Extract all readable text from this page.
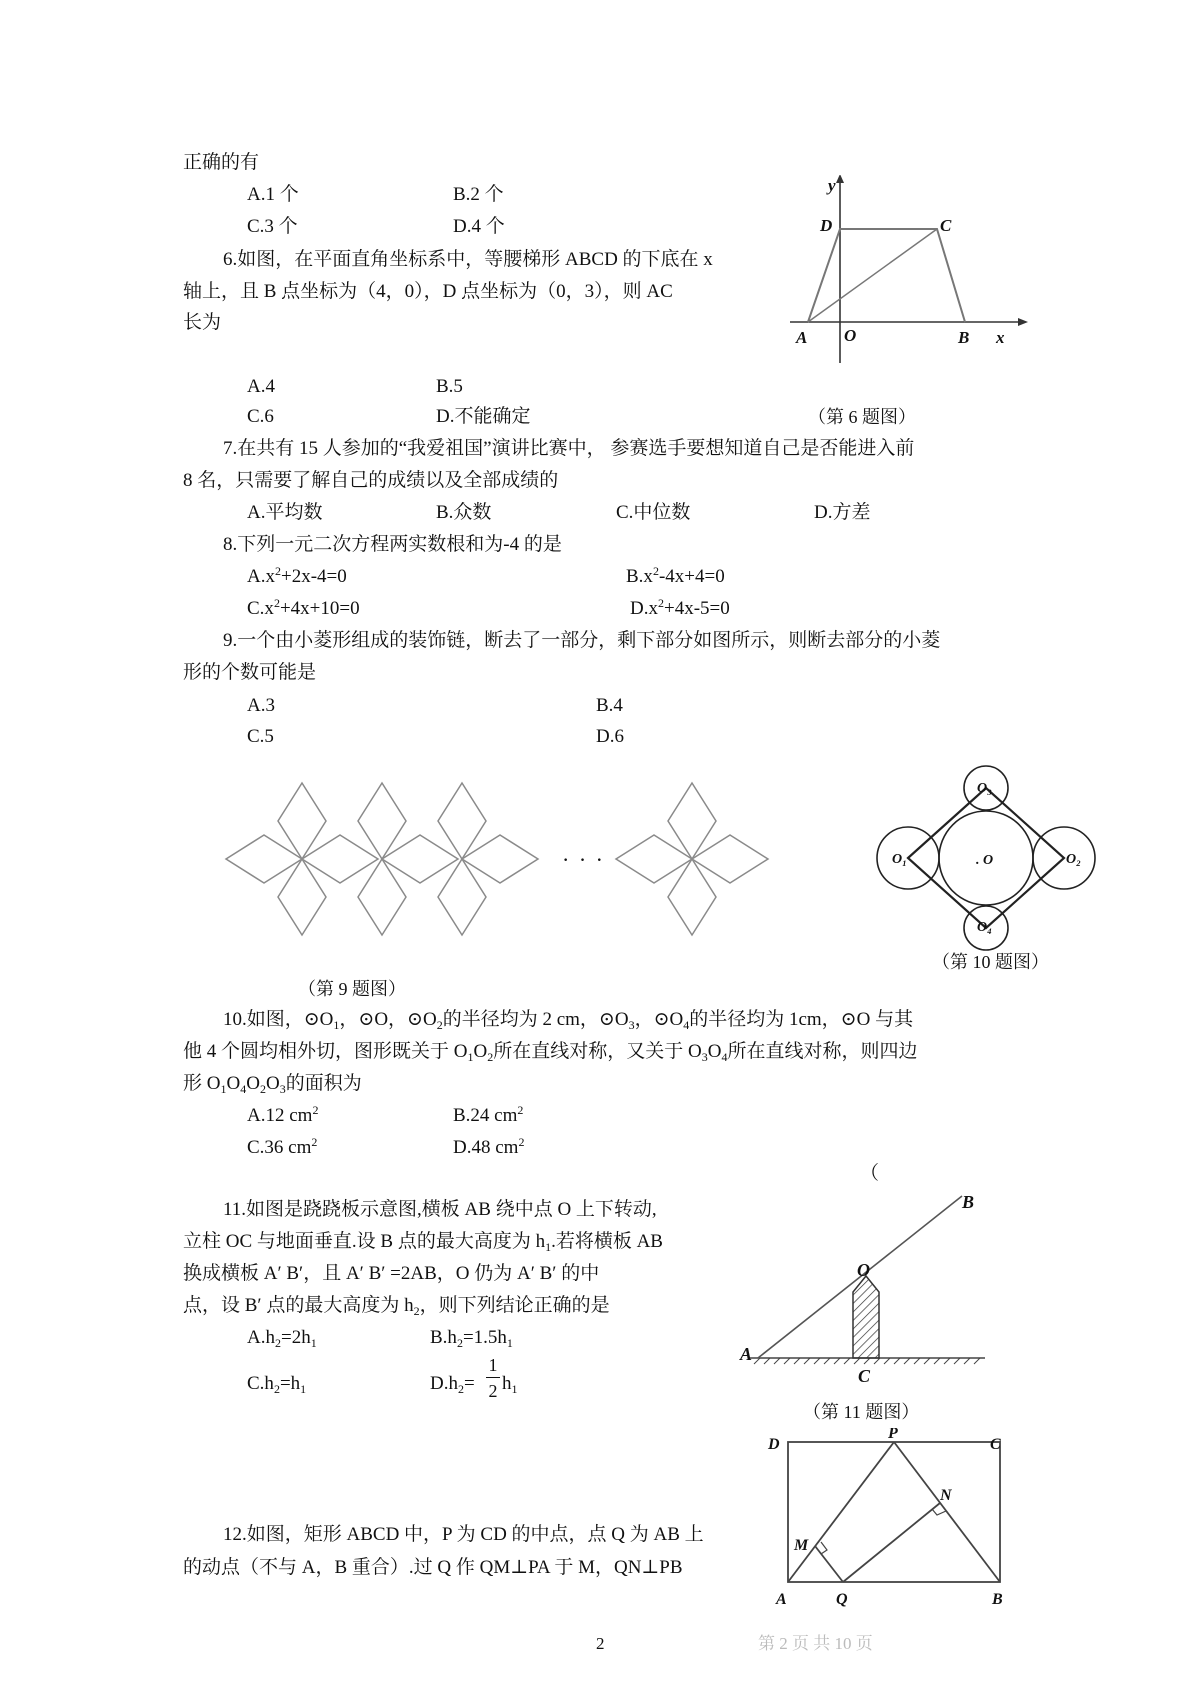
正确的有
A.1 个	B.2 个
C.3 个	D.4 个
6.如图，在平面直角坐标系中，等腰梯形 ABCD 的下底在 x
轴上，且 B 点坐标为（4，0），D 点坐标为（0，3），则 AC
长为
A.4	B.5
C.6	D.不能确定	（第 6 题图）
y
x
A O	B
C
D
7.在共有 15 人参加的“我爱祖国”演讲比赛中， 参赛选手要想知道自己是否能进入前
8 名，只需要了解自己的成绩以及全部成绩的
A.平均数	B.众数	C.中位数	D.方差
8.下列一元二次方程两实数根和为-4 的是
$A.x^2+2x-4=0$	$B.x^2-4x+4=0$
$C.x^2+4x+10=0$	$D.x^2+4x-5=0$
9.一个由小菱形组成的装饰链，断去了一部分，剩下部分如图所示，则断去部分的小菱
形的个数可能是
A.3	B.4
C.5	D.6
· · ·
（第 9 题图）
. O
O₁	O₂
O₃
O₄
（第 10 题图）
10.如图，$⊙O_1$，⊙O，$⊙O_2$的半径均为 2 cm，$⊙O_3$，$⊙O_4$的半径均为 1cm，⊙O 与其
他 4 个圆均相外切，图形既关于 $O_1O_2$所在直线对称，又关于 $O_3O_4$所在直线对称，则四边
形 $O_1O_4O_2O_3$的面积为
A.12 $cm^2$	B.24 $cm^2$
C.36 $cm^2$	D.48 $cm^2$
（
11.如图是跷跷板示意图,横板 AB 绕中点 O 上下转动,
立柱 OC 与地面垂直.设 B 点的最大高度为 $h_1$.若将横板 AB
换成横板 A′ B′，且 A′ B′ =2AB，O 仍为 A′ B′ 的中
点，设 B′ 点的最大高度为 $h_2$，则下列结论正确的是
$A.h_2=2h_1$	$B.h_2=1.5h_1$
$C.h_2=h_1$	$D.h_2=$
1
2 $h_1$
A
B
O
C
（第 11 题图）
D
P
C
N
M
A	Q	B
12.如图，矩形 ABCD 中，P 为 CD 的中点，点 Q 为 AB 上
的动点（不与 A，B 重合）.过 Q 作 QM⊥PA 于 M，QN⊥PB
2	第 2 页 共 10 页
